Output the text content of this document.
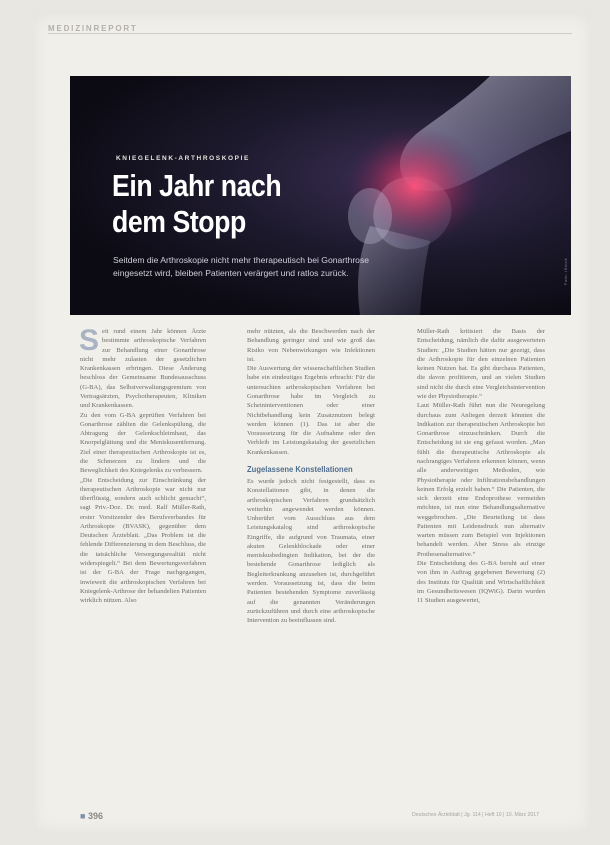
MEDIZINREPORT
KNIEGELENK-ARTHROSKOPIE
Ein Jahr nach dem Stopp
Seitdem die Arthroskopie nicht mehr therapeutisch bei Gonarthrose eingesetzt wird, bleiben Patienten verärgert und ratlos zurück.	Foto: iStock
S eit rund einem Jahr können Ärzte bestimmte arthroskopische Verfahren zur Behandlung einer Gonarthrose nicht mehr zulasten der gesetzlichen Krankenkassen erbringen. Diese Änderung beschloss der Gemeinsame Bundesausschuss (G-BA), das Selbstverwaltungsgremium von Vertragsärzten, Psychotherapeuten, Kliniken und Krankenkassen.

Zu den vom G-BA geprüften Verfahren bei Gonarthrose zählten die Gelenkspülung, die Abtragung der Gelenkschleimhaut, das Knorpelglättung und die Meniskusentfernung. Ziel einer therapeutischen Arthroskopie ist es, die Schmerzen zu lindern und die Beweglichkeit des Kniegelenks zu verbessern.

„Die Entscheidung zur Einschränkung der therapeutischen Arthroskopie war nicht nur überflüssig, sondern auch schlicht gemacht“, sagt Priv.-Doz. Dr. med. Ralf Müller-Rath, erster Vorsitzender des Berufsverbandes für Arthroskopie (BVASK), gegenüber dem Deutschen Ärzteblatt. „Das Problem ist die fehlende Differenzierung in dem Beschluss, die die tatsächliche Versorgungsrealität nicht widerspiegelt.“ Bei dem Bewertungsverfahren ist der G-BA der Frage nachgegangen, inwieweit die arthroskopischen Verfahren bei Kniegelenk-Arthrose der behandelten Patienten wirklich nützen. Also

mehr nützten, als die Beschwerden nach der Behandlung geringer sind und wie groß das Risiko von Nebenwirkungen wie Infektionen ist.

Die Auswertung der wissenschaftlichen Studien habe ein eindeutiges Ergebnis erbracht: Für die untersuchten arthroskopischen Verfahren bei Gonarthrose habe im Vergleich zu Scheininterventionen oder einer Nichtbehandlung kein Zusatznutzen belegt werden können (1). Das ist aber die Voraussetzung für die Aufnahme oder den Verbleib im Leistungskatalog der gesetzlichen Krankenkassen.

Zugelassene Konstellationen

Es wurde jedoch nicht festgestellt, dass es Konstellationen gibt, in denen die arthroskopischen Verfahren grundsätzlich weiterhin angewendet werden können. Unberührt vom Ausschluss aus dem Leistungskatalog sind arthroskopische Eingriffe, die aufgrund von Traumata, einer akuten Gelenkblockade oder einer meniskusbedingten Indikation, bei der die bestehende Gonarthrose lediglich als Begleiterkrankung anzusehen ist, durchgeführt werden. Voraussetzung ist, dass die beim Patienten bestehenden Symptome zuverlässig auf die genannten Veränderungen zurückzuführen und durch eine arthroskopische Intervention zu beeinflussen sind.

Müller-Rath kritisiert die Basis der Entscheidung, nämlich die dafür ausgewerteten Studien: „Die Studien hätten nur gezeigt, dass die Arthroskopie für den einzelnen Patienten keinen Nutzen hat. Es gibt durchaus Patienten, die davon profitieren, und an vielen Studien sind nicht die durch eine Vergleichsintervention wie der Physiotherapie.“

Laut Müller-Rath führt nun die Neuregelung durchaus zum Anliegen derzeit könnten die Indikation zur therapeutischen Arthroskopie bei Gonarthrose einzuschränken. Durch die Entscheidung ist sie eng gefasst worden. „Man fühlt die therapeutische Arthroskopie als nachrangiges Verfahren erkennen können, wenn alle anderweitigen Methoden, wie Physiotherapie oder Infiltrationsbehandlungen keinen Erfolg erzielt haben.“ Die Patienten, die sich derzeit eine Endoprothese vermeiden möchten, ist nun eine Behandlungsalternative weggebrochen. „Die Beurteilung ist dass Patienten mit Leidensdruck nun alternativ warten müssen zum Beispiel von Injektionen behandelt werden. Aber Stress als einzige Prothesenalternative.“

Die Entscheidung des G-BA beruht auf einer von ihm in Auftrag gegebenen Bewertung (2) des Instituts für Qualität und Wirtschaftlichkeit im Gesundheitswesen (IQWiG). Darin wurden 11 Studien ausgewertet,

■ 396	Deutsches Ärzteblatt | Jg. 114 | Heft 10 | 10. März 2017
